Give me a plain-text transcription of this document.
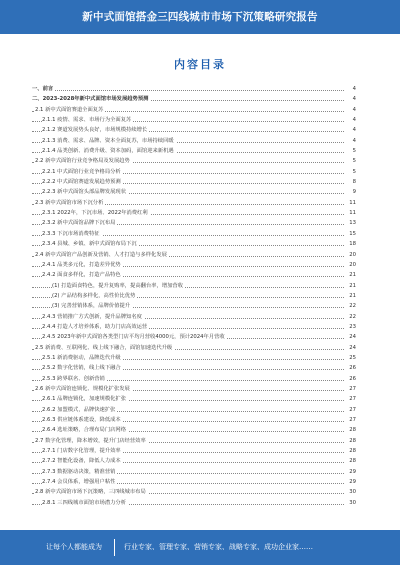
新中式面馆搭金三四线城市市场下沉策略研究报告
内容目录
一、前言	4
二、2023-2028年新中式面馆市场发展趋势预测	4
2.1 新中式面馆赛道全面复苏	4
2.1.1 疫情、需求、市场行为全面复苏	4
2.1.2 赛道发展势头良好，市场规模持续增长	4
2.1.3 消费、需求、品牌、资本全面复苏，市场持续回暖	4
2.1.4 品类创新、消费升级、资本加码，面馆迎来新机遇	5
2.2 新中式面馆行业竞争格局及发展趋势	5
2.2.1 中式面馆行业竞争格局分析	5
2.2.2 中式面馆赛道发展趋势预测	8
2.2.3 新中式面馆头部品牌发展现状	9
2.3 新中式面馆市场下沉分析	11
2.3.1 2022年，下沉市场、2022年消费红利	11
2.3.2 新中式面馆品牌下沉布局	13
2.3.3 下沉市场消费特征	15
2.3.4 县城、乡镇、新中式面馆布局下沉	18
2.4 新中式面馆产品创新及营销、人才打造与多样化发展	20
2.4.1 品类多元化，打造差异优势	20
2.4.2 面食多样化，打造产品特色	21
(1) 打造面食特色，提升复购率，提高翻台率，增加营收	21
(2) 产品结构多样化，高性价比优势	21
(3) 完善营销体系，品牌价值提升	22
2.4.3 营销推广方式创新，提升品牌知名度	22
2.4.4 打造人才培养体系，助力门店高效运营	23
2.4.5 2023年新中式面馆各类型门店平均月营收4000元，预计2024年月营收	24
2.5 新消费、互联网化、线上线下融合，面馆加速迭代升级	24
2.5.1 新消费驱动，品牌迭代升级	25
2.5.2 数字化营销，线上线下融合	26
2.5.3 跨界联名、创新营销	26
2.6 新中式面馆连锁化、规模化扩张发展	27
2.6.1 品牌连锁化，加速规模化扩张	27
2.6.2 加盟模式，品牌快速扩张	27
2.6.3 供应链体系建设，降低成本	27
2.6.4 选址策略，合理布局门店网络	28
2.7 数字化管理，降本增效，提升门店经营效率	28
2.7.1 门店数字化管理，提升效率	28
2.7.2 智能化设备，降低人力成本	28
2.7.3 数据驱动决策，精准营销	29
2.7.4 会员体系，增强用户粘性	29
2.8 新中式面馆市场下沉策略，三四线城市布局	30
2.8.1 三四线城市面馆市场潜力分析	30
让每个人都能成为	行业专家、管理专家、营销专家、战略专家、成功企业家……
